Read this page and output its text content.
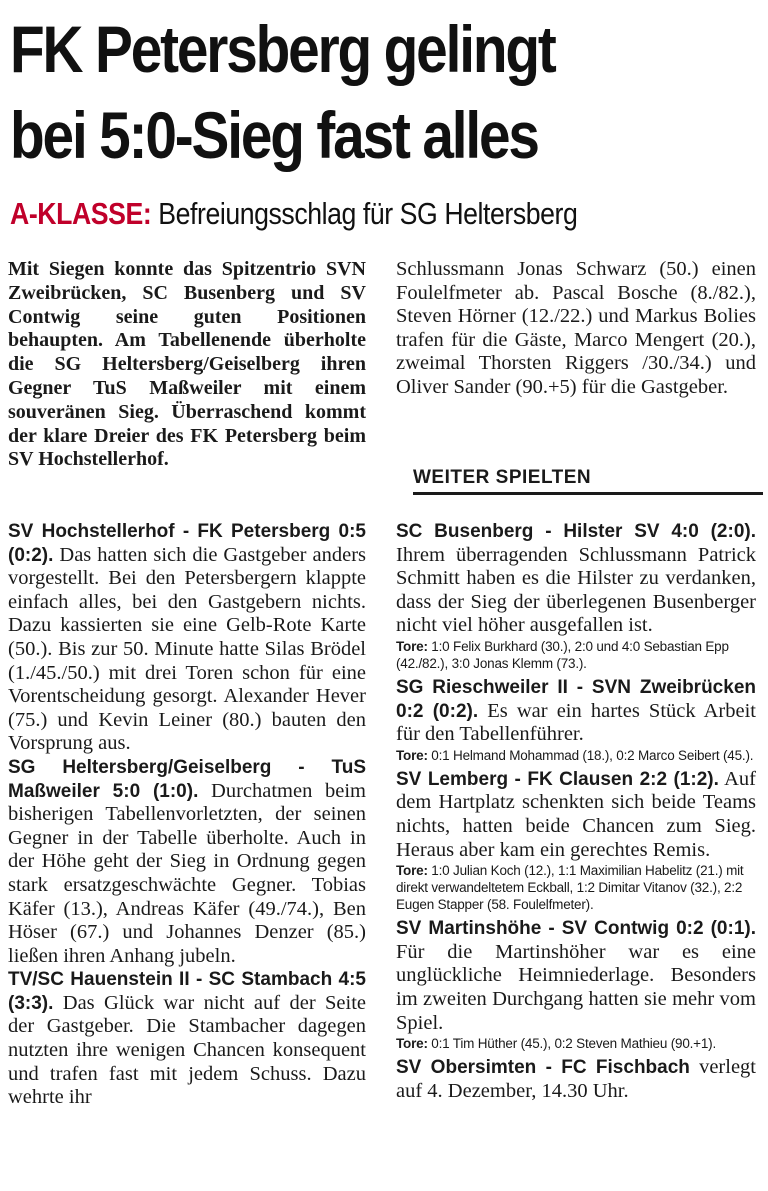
FK Petersberg gelingt
bei 5:0-Sieg fast alles
A-KLASSE: Befreiungsschlag für SG Heltersberg

Mit Siegen konnte das Spitzentrio SVN Zweibrücken, SC Busenberg und SV Contwig seine guten Positionen behaupten. Am Tabellenende überholte die SG Heltersberg/Geiselberg ihren Gegner TuS Maßweiler mit einem souveränen Sieg. Überraschend kommt der klare Dreier des FK Petersberg beim SV Hochstellerhof.

SV Hochstellerhof - FK Petersberg 0:5 (0:2). Das hatten sich die Gastgeber anders vorgestellt. Bei den Petersbergern klappte einfach alles, bei den Gastgebern nichts. Dazu kassierten sie eine Gelb-Rote Karte (50.). Bis zur 50. Minute hatte Silas Brödel (1./45./50.) mit drei Toren schon für eine Vorentscheidung gesorgt. Alexander Hever (75.) und Kevin Leiner (80.) bauten den Vorsprung aus.

SG Heltersberg/Geiselberg - TuS Maßweiler 5:0 (1:0). Durchatmen beim bisherigen Tabellenvorletzten, der seinen Gegner in der Tabelle überholte. Auch in der Höhe geht der Sieg in Ordnung gegen stark ersatzgeschwächte Gegner. Tobias Käfer (13.), Andreas Käfer (49./74.), Ben Höser (67.) und Johannes Denzer (85.) ließen ihren Anhang jubeln.

TV/SC Hauenstein II - SC Stambach 4:5 (3:3). Das Glück war nicht auf der Seite der Gastgeber. Die Stambacher dagegen nutzten ihre wenigen Chancen konsequent und trafen fast mit jedem Schuss. Dazu wehrte ihr

Schlussmann Jonas Schwarz (50.) einen Foulelfmeter ab. Pascal Bosche (8./82.), Steven Hörner (12./22.) und Markus Bolies trafen für die Gäste, Marco Mengert (20.), zweimal Thorsten Riggers /30./34.) und Oliver Sander (90.+5) für die Gastgeber.

WEITER SPIELTEN

SC Busenberg - Hilster SV 4:0 (2:0). Ihrem überragenden Schlussmann Patrick Schmitt haben es die Hilster zu verdanken, dass der Sieg der überlegenen Busenberger nicht viel höher ausgefallen ist.

Tore: 1:0 Felix Burkhard (30.), 2:0 und 4:0 Sebastian Epp (42./82.), 3:0 Jonas Klemm (73.).

SG Rieschweiler II - SVN Zweibrücken 0:2 (0:2). Es war ein hartes Stück Arbeit für den Tabellenführer.

Tore: 0:1 Helmand Mohammad (18.), 0:2 Marco Seibert (45.).

SV Lemberg - FK Clausen 2:2 (1:2). Auf dem Hartplatz schenkten sich beide Teams nichts, hatten beide Chancen zum Sieg. Heraus aber kam ein gerechtes Remis.

Tore: 1:0 Julian Koch (12.), 1:1 Maximilian Habelitz (21.) mit direkt verwandeltetem Eckball, 1:2 Dimitar Vitanov (32.), 2:2 Eugen Stapper (58. Foulelfmeter).

SV Martinshöhe - SV Contwig 0:2 (0:1). Für die Martinshöher war es eine unglückliche Heimniederlage. Besonders im zweiten Durchgang hatten sie mehr vom Spiel.

Tore: 0:1 Tim Hüther (45.), 0:2 Steven Mathieu (90.+1).

SV Obersimten - FC Fischbach verlegt auf 4. Dezember, 14.30 Uhr.
